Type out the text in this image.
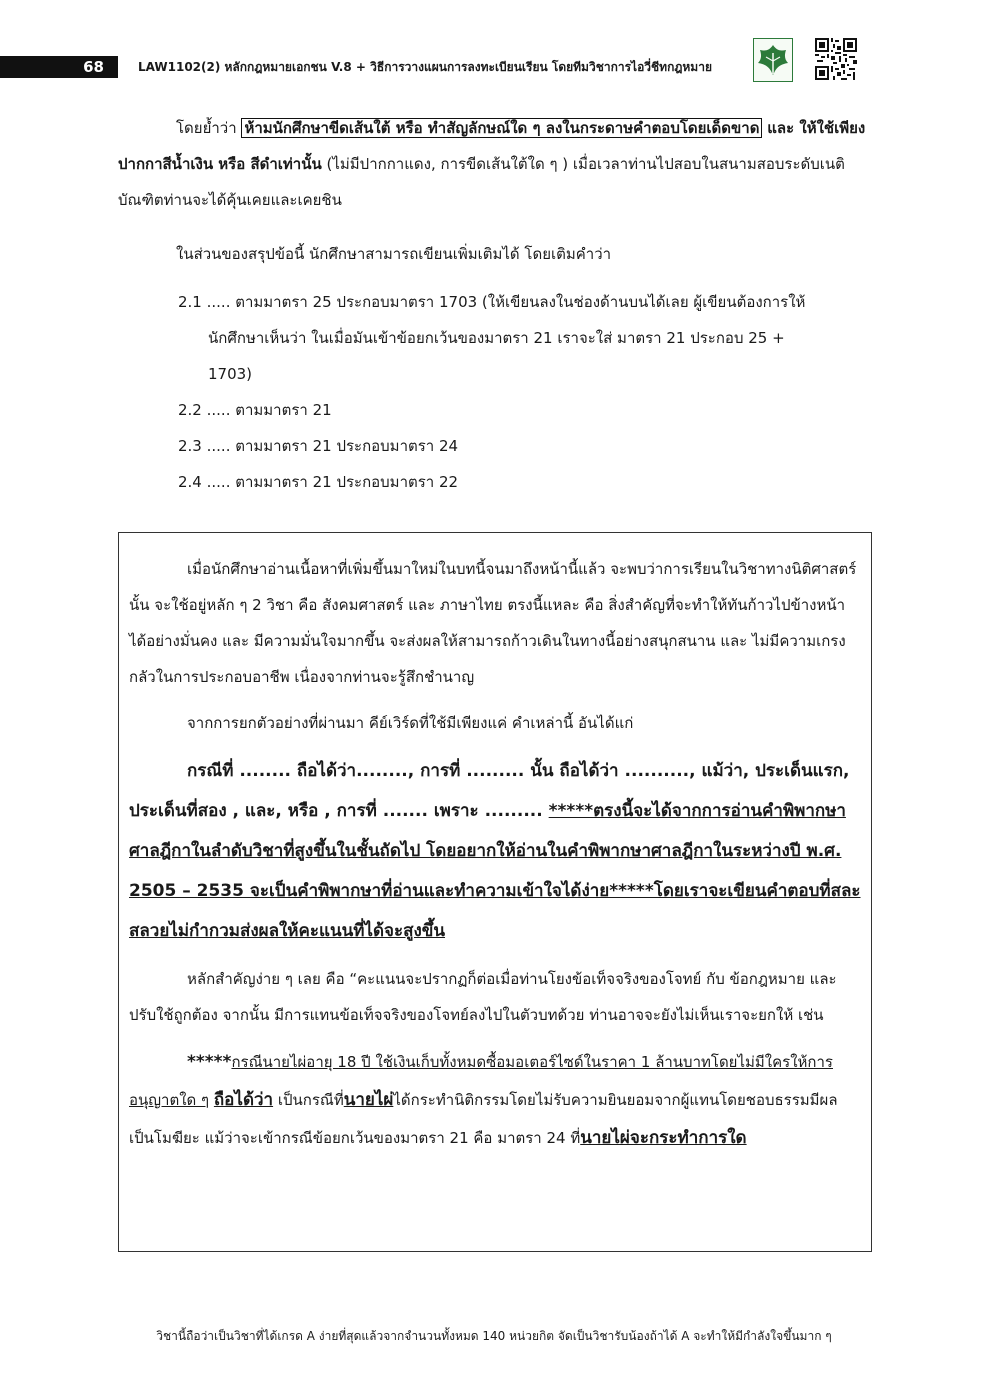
68	LAW1102(2) หลักกฎหมายเอกชน V.8 + วิธีการวางแผนการลงทะเบียนเรียน โดยทีมวิชาการไอวี่ชีทกฎหมาย

โดยย้ำว่า ห้ามนักศึกษาขีดเส้นใต้ หรือ ทำสัญลักษณ์ใด ๆ ลงในกระดาษคำตอบโดยเด็ดขาด และ ให้ใช้เพียงปากกาสีน้ำเงิน หรือ สีดำเท่านั้น (ไม่มีปากกาแดง, การขีดเส้นใต้ใด ๆ ) เมื่อเวลาท่านไปสอบในสนามสอบระดับเนติบัณฑิตท่านจะได้คุ้นเคยและเคยชิน

ในส่วนของสรุปข้อนี้ นักศึกษาสามารถเขียนเพิ่มเติมได้ โดยเติมคำว่า

2.1 ..... ตามมาตรา 25 ประกอบมาตรา 1703 (ให้เขียนลงในช่องด้านบนได้เลย ผู้เขียนต้องการให้
นักศึกษาเห็นว่า ในเมื่อมันเข้าข้อยกเว้นของมาตรา 21 เราจะใส่ มาตรา 21 ประกอบ 25 +
1703)
2.2 ..... ตามมาตรา 21
2.3 ..... ตามมาตรา 21 ประกอบมาตรา 24
2.4 ..... ตามมาตรา 21 ประกอบมาตรา 22

เมื่อนักศึกษาอ่านเนื้อหาที่เพิ่มขึ้นมาใหม่ในบทนี้จนมาถึงหน้านี้แล้ว จะพบว่าการเรียนในวิชาทางนิติศาสตร์นั้น จะใช้อยู่หลัก ๆ 2 วิชา คือ สังคมศาสตร์ และ ภาษาไทย ตรงนี้แหละ คือ สิ่งสำคัญที่จะทำให้ทันก้าวไปข้างหน้าได้อย่างมั่นคง และ มีความมั่นใจมากขึ้น จะส่งผลให้สามารถก้าวเดินในทางนี้อย่างสนุกสนาน และ ไม่มีความเกรงกลัวในการประกอบอาชีพ เนื่องจากท่านจะรู้สึกชำนาญ

จากการยกตัวอย่างที่ผ่านมา คีย์เวิร์ดที่ใช้มีเพียงแค่ คำเหล่านี้ อันได้แก่

กรณีที่ ........ ถือได้ว่า........, การที่ ......... นั้น ถือได้ว่า .........., แม้ว่า, ประเด็นแรก, ประเด็นที่สอง , และ, หรือ , การที่ ....... เพราะ ......... *****ตรงนี้จะได้จากการอ่านคำพิพากษาศาลฎีกาในลำดับวิชาที่สูงขึ้นในชั้นถัดไป โดยอยากให้อ่านในคำพิพากษาศาลฎีกาในระหว่างปี พ.ศ. 2505 – 2535 จะเป็นคำพิพากษาที่อ่านและทำความเข้าใจได้ง่าย*****โดยเราจะเขียนคำตอบที่สละสลวยไม่กำกวมส่งผลให้คะแนนที่ได้จะสูงขึ้น

หลักสำคัญง่าย ๆ เลย คือ “คะแนนจะปรากฏก็ต่อเมื่อท่านโยงข้อเท็จจริงของโจทย์ กับ ข้อกฎหมาย และ ปรับใช้ถูกต้อง จากนั้น มีการแทนข้อเท็จจริงของโจทย์ลงไปในตัวบทด้วย ท่านอาจจะยังไม่เห็นเราจะยกให้ เช่น

*****กรณีนายไผ่อายุ 18 ปี ใช้เงินเก็บทั้งหมดซื้อมอเตอร์ไซด์ในราคา 1 ล้านบาทโดยไม่มีใครให้การอนุญาตใด ๆ ถือได้ว่า เป็นกรณีที่นายไผ่ได้กระทำนิติกรรมโดยไม่รับความยินยอมจากผู้แทนโดยชอบธรรมมีผลเป็นโมฆียะ แม้ว่าจะเข้ากรณีข้อยกเว้นของมาตรา 21 คือ มาตรา 24 ที่นายไผ่จะกระทำการใด

วิชานี้ถือว่าเป็นวิชาที่ได้เกรด A ง่ายที่สุดแล้วจากจำนวนทั้งหมด 140 หน่วยกิต จัดเป็นวิชารับน้องถ้าได้ A จะทำให้มีกำลังใจขึ้นมาก ๆ
